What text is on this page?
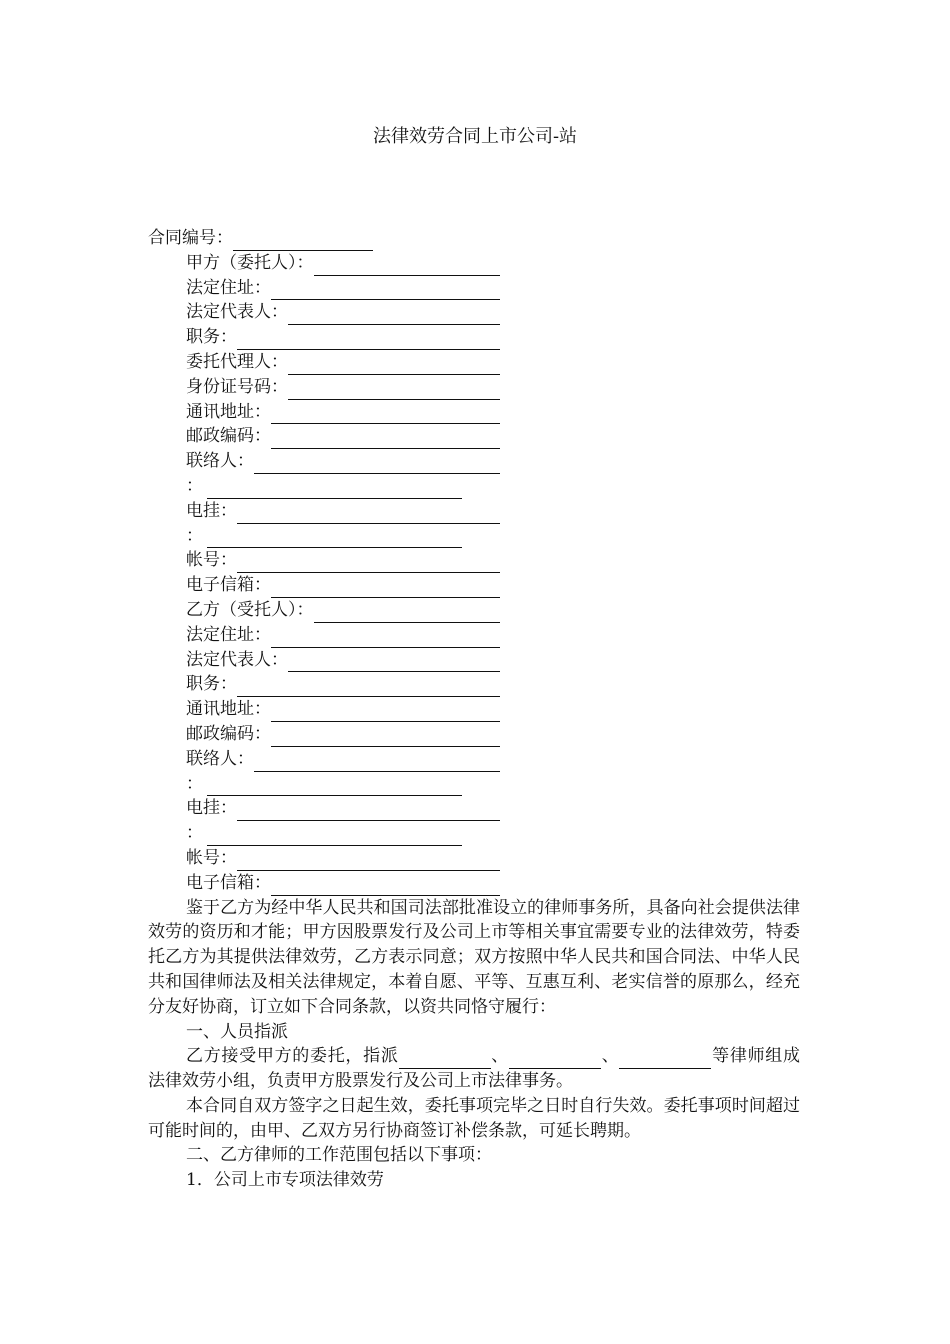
法律效劳合同上市公司-站
合同编号：
甲方（委托人）：
法定住址：
法定代表人：
职务：
委托代理人：
身份证号码：
通讯地址：
邮政编码：
联络人：
：
电挂：
：
帐号：
电子信箱：
乙方（受托人）：
法定住址：
法定代表人：
职务：
通讯地址：
邮政编码：
联络人：
：
电挂：
：
帐号：
电子信箱：
鉴于乙方为经中华人民共和国司法部批准设立的律师事务所，具备向社会提供法律效劳的资历和才能；甲方因股票发行及公司上市等相关事宜需要专业的法律效劳，特委托乙方为其提供法律效劳，乙方表示同意；双方按照中华人民共和国合同法、中华人民共和国律师法及相关法律规定，本着自愿、平等、互惠互利、老实信誉的原那么，经充分友好协商，订立如下合同条款，以资共同恪守履行：
一、人员指派
乙方接受甲方的委托，指派	、	、	等律师组成法律效劳小组，负责甲方股票发行及公司上市法律事务。
本合同自双方签字之日起生效，委托事项完毕之日时自行失效。委托事项时间超过可能时间的，由甲、乙双方另行协商签订补偿条款，可延长聘期。
二、乙方律师的工作范围包括以下事项：
1．公司上市专项法律效劳
